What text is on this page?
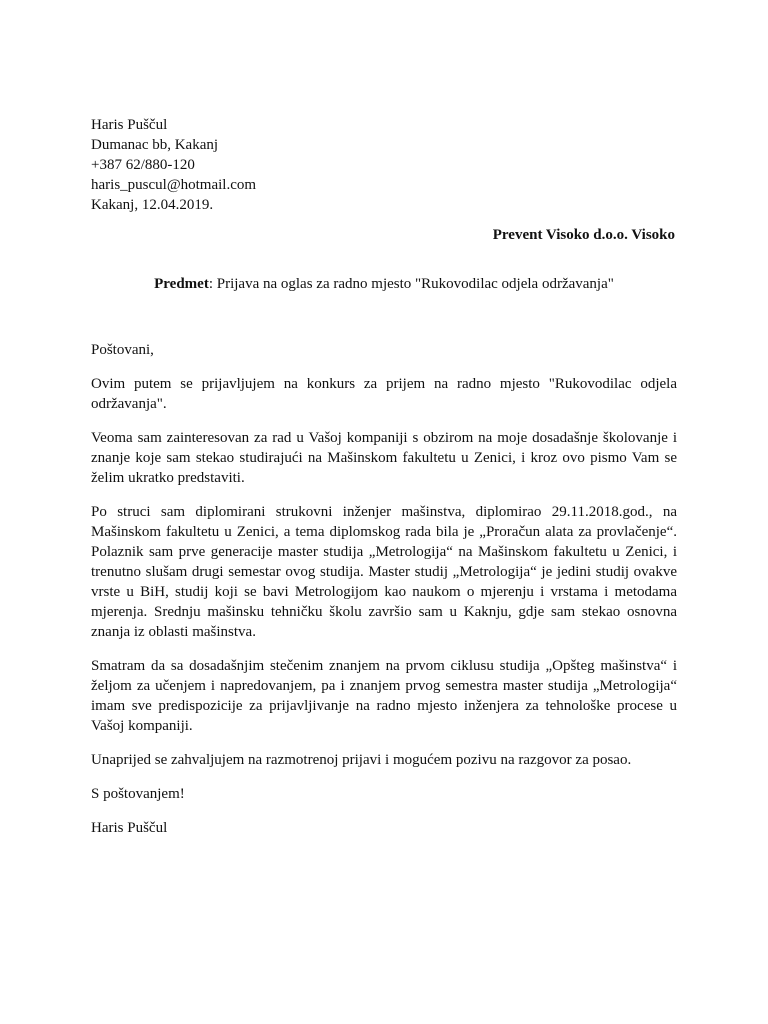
Haris Puščul
Dumanac bb, Kakanj
+387 62/880-120
haris_puscul@hotmail.com
Kakanj, 12.04.2019.
Prevent Visoko d.o.o. Visoko
Predmet: Prijava na oglas za radno mjesto "Rukovodilac odjela održavanja"

Poštovani,

Ovim putem se prijavljujem na konkurs za prijem na radno mjesto "Rukovodilac odjela održavanja".

Veoma sam zainteresovan za rad u Vašoj kompaniji s obzirom na moje dosadašnje školovanje i znanje koje sam stekao studirajući na Mašinskom fakultetu u Zenici, i kroz ovo pismo Vam se želim ukratko predstaviti.

Po struci sam diplomirani strukovni inženjer mašinstva, diplomirao 29.11.2018.god., na Mašinskom fakultetu u Zenici, a tema diplomskog rada bila je „Proračun alata za provlačenje“. Polaznik sam prve generacije master studija „Metrologija“ na Mašinskom fakultetu u Zenici, i trenutno slušam drugi semestar ovog studija. Master studij „Metrologija“ je jedini studij ovakve vrste u BiH, studij koji se bavi Metrologijom kao naukom o mjerenju i vrstama i metodama mjerenja. Srednju mašinsku tehničku školu završio sam u Kaknju, gdje sam stekao osnovna znanja iz oblasti mašinstva.

Smatram da sa dosadašnjim stečenim znanjem na prvom ciklusu studija „Opšteg mašinstva“ i željom za učenjem i napredovanjem, pa i znanjem prvog semestra master studija „Metrologija“ imam sve predispozicije za prijavljivanje na radno mjesto inženjera za tehnološke procese u Vašoj kompaniji.

Unaprijed se zahvaljujem na razmotrenoj prijavi i mogućem pozivu na razgovor za posao.

S poštovanjem!

Haris Puščul
